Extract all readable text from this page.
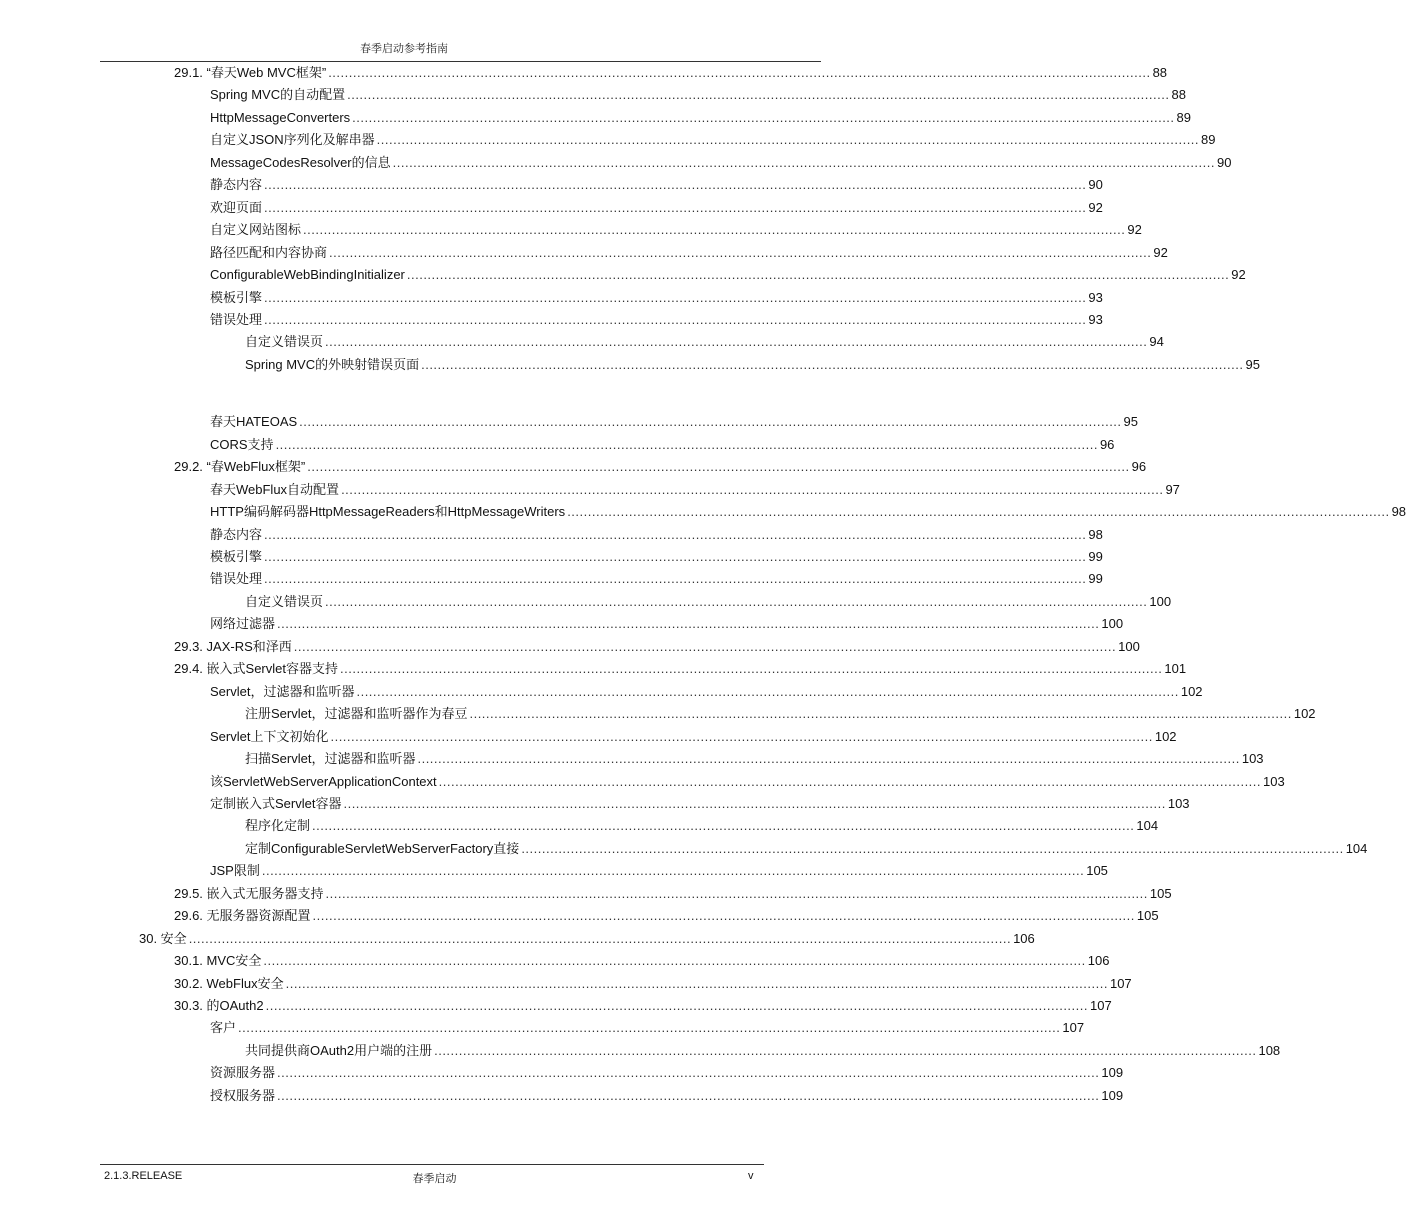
春季启动参考指南
29.1. “春天Web MVC框架” ........................................................................................................................................................................................................ 88
Spring MVC的自动配置 ........................................................................................................................................................................................................ 88
HttpMessageConverters ........................................................................................................................................................................................................ 89
自定义JSON序列化及解串器 ........................................................................................................................................................................................................ 89
MessageCodesResolver的信息 ........................................................................................................................................................................................................ 90
静态内容 ........................................................................................................................................................................................................ 90
欢迎页面 ........................................................................................................................................................................................................ 92
自定义网站图标 ........................................................................................................................................................................................................ 92
路径匹配和内容协商 ........................................................................................................................................................................................................ 92
ConfigurableWebBindingInitializer ........................................................................................................................................................................................................ 92
模板引擎 ........................................................................................................................................................................................................ 93
错误处理 ........................................................................................................................................................................................................ 93
自定义错误页 ........................................................................................................................................................................................................ 94
Spring MVC的外映射错误页面 ........................................................................................................................................................................................................ 95
春天HATEOAS ........................................................................................................................................................................................................ 95
CORS支持 ........................................................................................................................................................................................................ 96
29.2. “春WebFlux框架” ........................................................................................................................................................................................................ 96
春天WebFlux自动配置 ........................................................................................................................................................................................................ 97
HTTP编码解码器HttpMessageReaders和HttpMessageWriters ........................................................................................................................................................................................................ 98
静态内容 ........................................................................................................................................................................................................ 98
模板引擎 ........................................................................................................................................................................................................ 99
错误处理 ........................................................................................................................................................................................................ 99
自定义错误页 ........................................................................................................................................................................................................ 100
网络过滤器 ........................................................................................................................................................................................................ 100
29.3. JAX-RS和泽西 ........................................................................................................................................................................................................ 100
29.4. 嵌入式Servlet容器支持 ........................................................................................................................................................................................................ 101
Servlet，过滤器和监听器 ........................................................................................................................................................................................................ 102
注册Servlet，过滤器和监听器作为春豆 ........................................................................................................................................................................................................ 102
Servlet上下文初始化 ........................................................................................................................................................................................................ 102
扫描Servlet，过滤器和监听器 ........................................................................................................................................................................................................ 103
该ServletWebServerApplicationContext ........................................................................................................................................................................................................ 103
定制嵌入式Servlet容器 ........................................................................................................................................................................................................ 103
程序化定制 ........................................................................................................................................................................................................ 104
定制ConfigurableServletWebServerFactory直接 ........................................................................................................................................................................................................ 104
JSP限制 ........................................................................................................................................................................................................ 105
29.5. 嵌入式无服务器支持 ........................................................................................................................................................................................................ 105
29.6. 无服务器资源配置 ........................................................................................................................................................................................................ 105
30. 安全 ........................................................................................................................................................................................................ 106
30.1. MVC安全 ........................................................................................................................................................................................................ 106
30.2. WebFlux安全 ........................................................................................................................................................................................................ 107
30.3. 的OAuth2 ........................................................................................................................................................................................................ 107
客户 ........................................................................................................................................................................................................ 107
共同提供商OAuth2用户端的注册 ........................................................................................................................................................................................................ 108
资源服务器 ........................................................................................................................................................................................................ 109
授权服务器 ........................................................................................................................................................................................................ 109
2.1.3.RELEASE	春季启动	v
